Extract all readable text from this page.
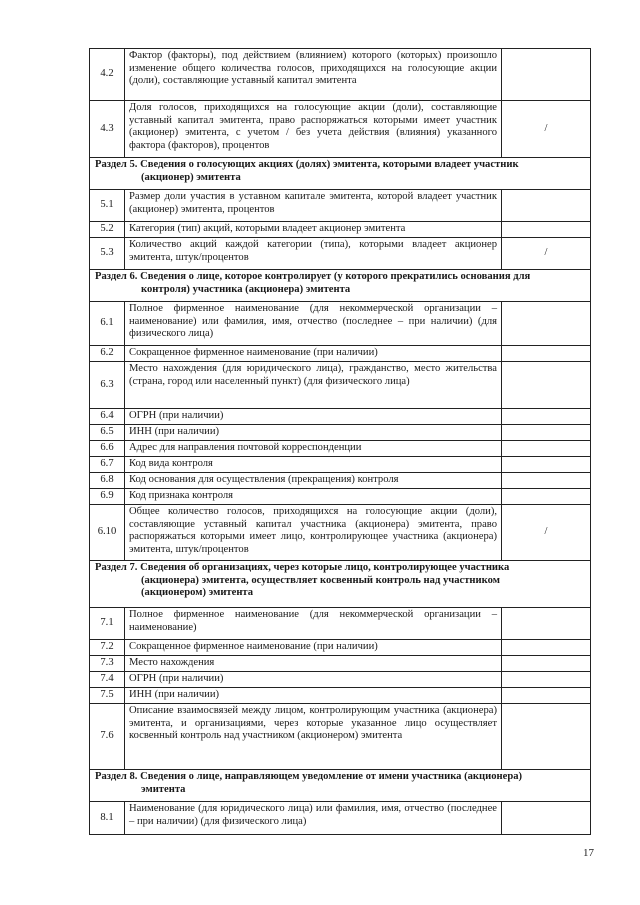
4.2	Фактор (факторы), под действием (влиянием) которого (которых) произошло изменение общего количества голосов, приходящихся на голосующие акции (доли), составляющие уставный капитал эмитента	
4.3	Доля голосов, приходящихся на голосующие акции (доли), составляющие уставный капитал эмитента, право распоряжаться которыми имеет участник (акционер) эмитента, с учетом / без учета действия (влияния) указанного фактора (факторов), процентов	/

Раздел 5. Сведения о голосующих акциях (долях) эмитента, которыми владеет участник
(акционер) эмитента		

5.1	Размер доли участия в уставном капитале эмитента, которой владеет участник (акционер) эмитента, процентов	
5.2	Категория (тип) акций, которыми владеет акционер эмитента	
5.3	Количество акций каждой категории (типа), которыми владеет акционер эмитента, штук/процентов	/

Раздел 6. Сведения о лице, которое контролирует (у которого прекратились основания для
контроля) участника (акционера) эмитента		

6.1	Полное фирменное наименование (для некоммерческой организации – наименование) или фамилия, имя, отчество (последнее – при наличии) (для физического лица)	
6.2	Сокращенное фирменное наименование (при наличии)	
6.3	Место нахождения (для юридического лица), гражданство, место жительства (страна, город или населенный пункт) (для физического лица)	
6.4	ОГРН (при наличии)	
6.5	ИНН (при наличии)	
6.6	Адрес для направления почтовой корреспонденции	
6.7	Код вида контроля	
6.8	Код основания для осуществления (прекращения) контроля	
6.9	Код признака контроля	
6.10	Общее количество голосов, приходящихся на голосующие акции (доли), составляющие уставный капитал участника (акционера) эмитента, право распоряжаться которыми имеет лицо, контролирующее участника (акционера) эмитента, штук/процентов	/

Раздел 7. Сведения об организациях, через которые лицо, контролирующее участника
(акционера) эмитента, осуществляет косвенный контроль над участником
(акционером) эмитента		

7.1	Полное фирменное наименование (для некоммерческой организации – наименование)	
7.2	Сокращенное фирменное наименование (при наличии)	
7.3	Место нахождения	
7.4	ОГРН (при наличии)	
7.5	ИНН (при наличии)	
7.6	Описание взаимосвязей между лицом, контролирующим участника (акционера) эмитента, и организациями, через которые указанное лицо осуществляет косвенный контроль над участником (акционером) эмитента	

Раздел 8. Сведения о лице, направляющем уведомление от имени участника (акционера)
эмитента		

8.1	Наименование (для юридического лица) или фамилия, имя, отчество (последнее – при наличии) (для физического лица)	
17
